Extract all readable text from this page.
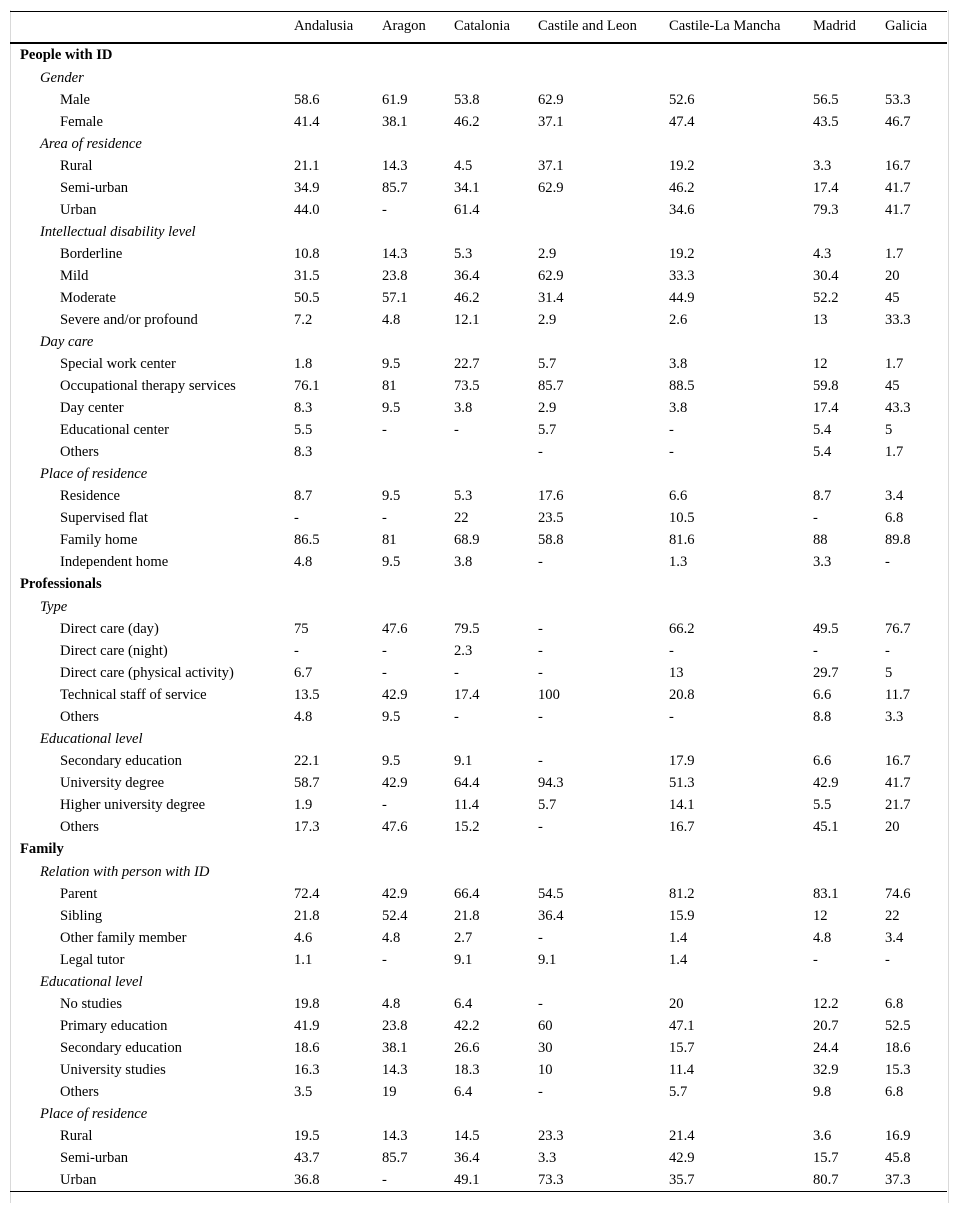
	Andalusia	Aragon	Catalonia	Castile and Leon	Castile-La Mancha	Madrid	Galicia
People with ID							
Gender							
Male	58.6	61.9	53.8	62.9	52.6	56.5	53.3
Female	41.4	38.1	46.2	37.1	47.4	43.5	46.7
Area of residence							
Rural	21.1	14.3	4.5	37.1	19.2	3.3	16.7
Semi-urban	34.9	85.7	34.1	62.9	46.2	17.4	41.7
Urban	44.0	-	61.4		34.6	79.3	41.7
Intellectual disability level							
Borderline	10.8	14.3	5.3	2.9	19.2	4.3	1.7
Mild	31.5	23.8	36.4	62.9	33.3	30.4	20
Moderate	50.5	57.1	46.2	31.4	44.9	52.2	45
Severe and/or profound	7.2	4.8	12.1	2.9	2.6	13	33.3
Day care							
Special work center	1.8	9.5	22.7	5.7	3.8	12	1.7
Occupational therapy services	76.1	81	73.5	85.7	88.5	59.8	45
Day center	8.3	9.5	3.8	2.9	3.8	17.4	43.3
Educational center	5.5	-	-	5.7	-	5.4	5
Others	8.3			-	-	5.4	1.7
Place of residence							
Residence	8.7	9.5	5.3	17.6	6.6	8.7	3.4
Supervised flat	-	-	22	23.5	10.5	-	6.8
Family home	86.5	81	68.9	58.8	81.6	88	89.8
Independent home	4.8	9.5	3.8	-	1.3	3.3	-
Professionals							
Type							
Direct care (day)	75	47.6	79.5	-	66.2	49.5	76.7
Direct care (night)	-	-	2.3	-	-	-	-
Direct care (physical activity)	6.7	-	-	-	13	29.7	5
Technical staff of service	13.5	42.9	17.4	100	20.8	6.6	11.7
Others	4.8	9.5	-	-	-	8.8	3.3
Educational level							
Secondary education	22.1	9.5	9.1	-	17.9	6.6	16.7
University degree	58.7	42.9	64.4	94.3	51.3	42.9	41.7
Higher university degree	1.9	-	11.4	5.7	14.1	5.5	21.7
Others	17.3	47.6	15.2	-	16.7	45.1	20
Family							
Relation with person with ID							
Parent	72.4	42.9	66.4	54.5	81.2	83.1	74.6
Sibling	21.8	52.4	21.8	36.4	15.9	12	22
Other family member	4.6	4.8	2.7	-	1.4	4.8	3.4
Legal tutor	1.1	-	9.1	9.1	1.4	-	-
Educational level							
No studies	19.8	4.8	6.4	-	20	12.2	6.8
Primary education	41.9	23.8	42.2	60	47.1	20.7	52.5
Secondary education	18.6	38.1	26.6	30	15.7	24.4	18.6
University studies	16.3	14.3	18.3	10	11.4	32.9	15.3
Others	3.5	19	6.4	-	5.7	9.8	6.8
Place of residence							
Rural	19.5	14.3	14.5	23.3	21.4	3.6	16.9
Semi-urban	43.7	85.7	36.4	3.3	42.9	15.7	45.8
Urban	36.8	-	49.1	73.3	35.7	80.7	37.3
